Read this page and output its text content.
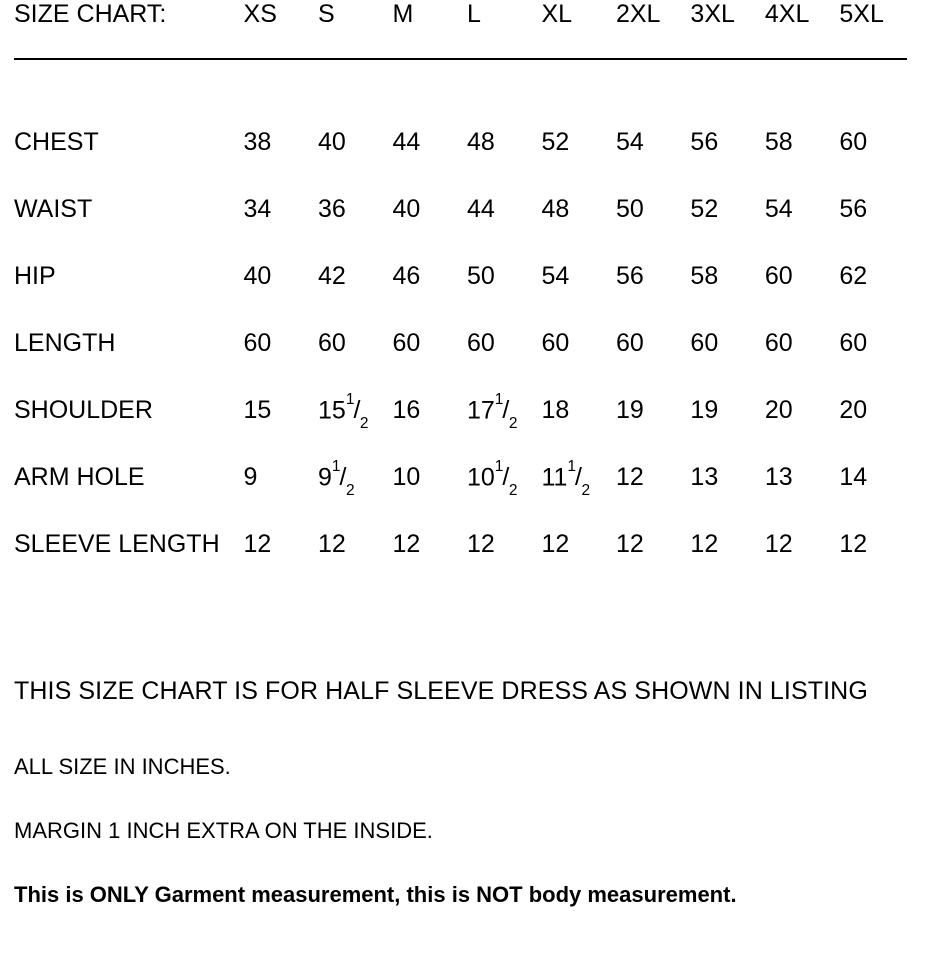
SIZE CHART:	XS	S	M	L	XL	2XL	3XL	4XL	5XL

CHEST	38	40	44	48	52	54	56	58	60
WAIST	34	36	40	44	48	50	52	54	56
HIP	40	42	46	50	54	56	58	60	62
LENGTH	60	60	60	60	60	60	60	60	60
SHOULDER	15	$15^1/_2$	16	$17^1/_2$	18	19	19	20	20
ARM HOLE	9	$9^1/_2$	10	$10^1/_2$	$11^1/_2$	12	13	13	14
SLEEVE LENGTH	12	12	12	12	12	12	12	12	12
THIS SIZE CHART IS FOR HALF SLEEVE DRESS AS SHOWN IN LISTING
ALL SIZE IN INCHES.
MARGIN 1 INCH EXTRA ON THE INSIDE.
This is ONLY Garment measurement, this is NOT body measurement.
